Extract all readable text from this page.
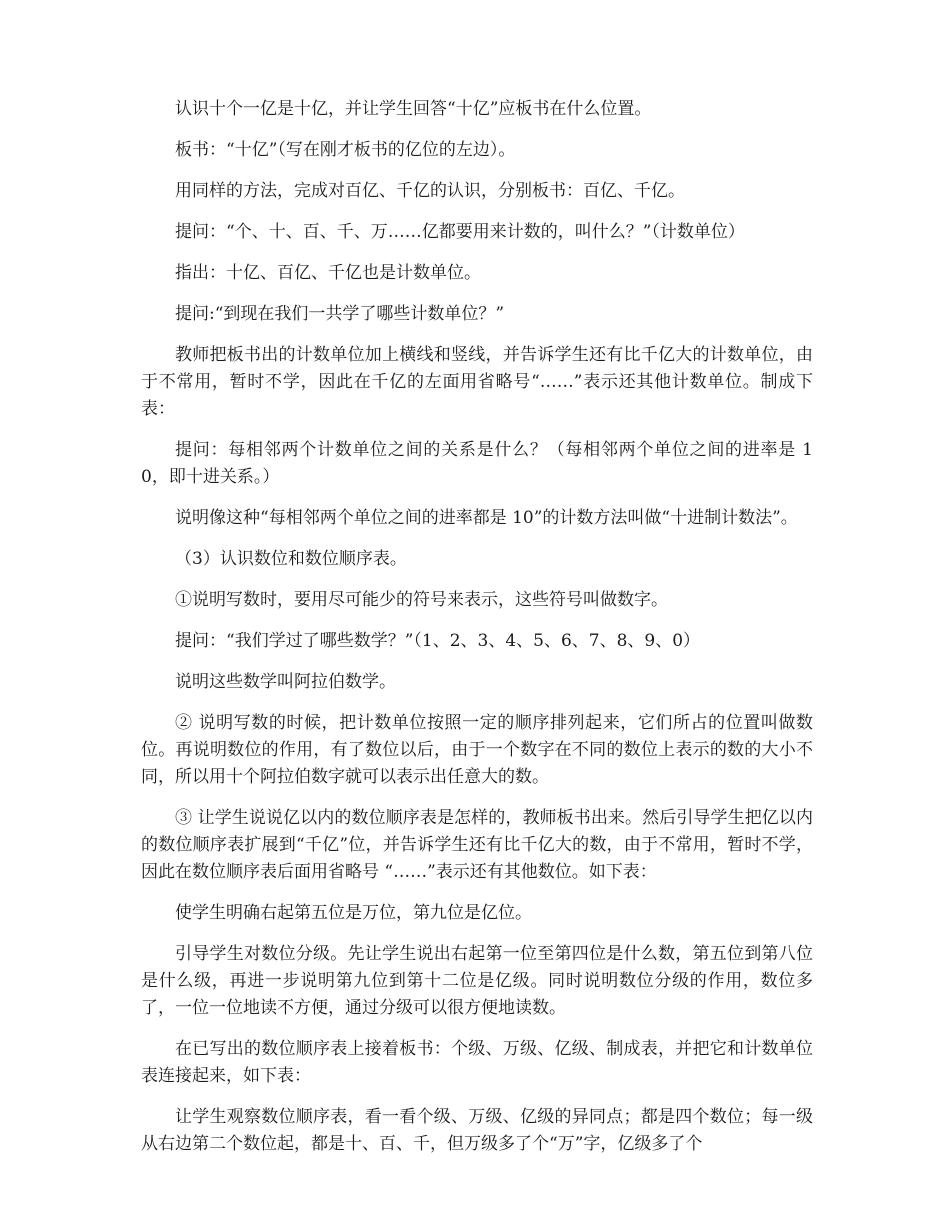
认识十个一亿是十亿，并让学生回答“十亿”应板书在什么位置。

板书：“十亿”（写在刚才板书的亿位的左边）。

用同样的方法，完成对百亿、千亿的认识，分别板书：百亿、千亿。

提问：“个、十、百、千、万……亿都要用来计数的，叫什么？”（计数单位）

指出：十亿、百亿、千亿也是计数单位。

提问:“到现在我们一共学了哪些计数单位？”

教师把板书出的计数单位加上横线和竖线，并告诉学生还有比千亿大的计数单位，由于不常用，暂时不学，因此在千亿的左面用省略号“……”表示还其他计数单位。制成下表：

提问：每相邻两个计数单位之间的关系是什么？（每相邻两个单位之间的进率是 10，即十进关系。）

说明像这种“每相邻两个单位之间的进率都是 10”的计数方法叫做“十进制计数法”。

（3）认识数位和数位顺序表。

①说明写数时，要用尽可能少的符号来表示，这些符号叫做数字。

提问：“我们学过了哪些数学？”（1、2、3、4、5、6、7、8、9、0）

说明这些数学叫阿拉伯数学。

② 说明写数的时候，把计数单位按照一定的顺序排列起来，它们所占的位置叫做数位。再说明数位的作用，有了数位以后，由于一个数字在不同的数位上表示的数的大小不同，所以用十个阿拉伯数字就可以表示出任意大的数。

③ 让学生说说亿以内的数位顺序表是怎样的，教师板书出来。然后引导学生把亿以内的数位顺序表扩展到“千亿”位，并告诉学生还有比千亿大的数，由于不常用，暂时不学，因此在数位顺序表后面用省略号 “……”表示还有其他数位。如下表：

使学生明确右起第五位是万位，第九位是亿位。

引导学生对数位分级。先让学生说出右起第一位至第四位是什么数，第五位到第八位是什么级，再进一步说明第九位到第十二位是亿级。同时说明数位分级的作用，数位多了，一位一位地读不方便，通过分级可以很方便地读数。

在已写出的数位顺序表上接着板书：个级、万级、亿级、制成表，并把它和计数单位表连接起来，如下表：

让学生观察数位顺序表，看一看个级、万级、亿级的异同点；都是四个数位；每一级从右边第二个数位起，都是十、百、千，但万级多了个“万”字，亿级多了个
